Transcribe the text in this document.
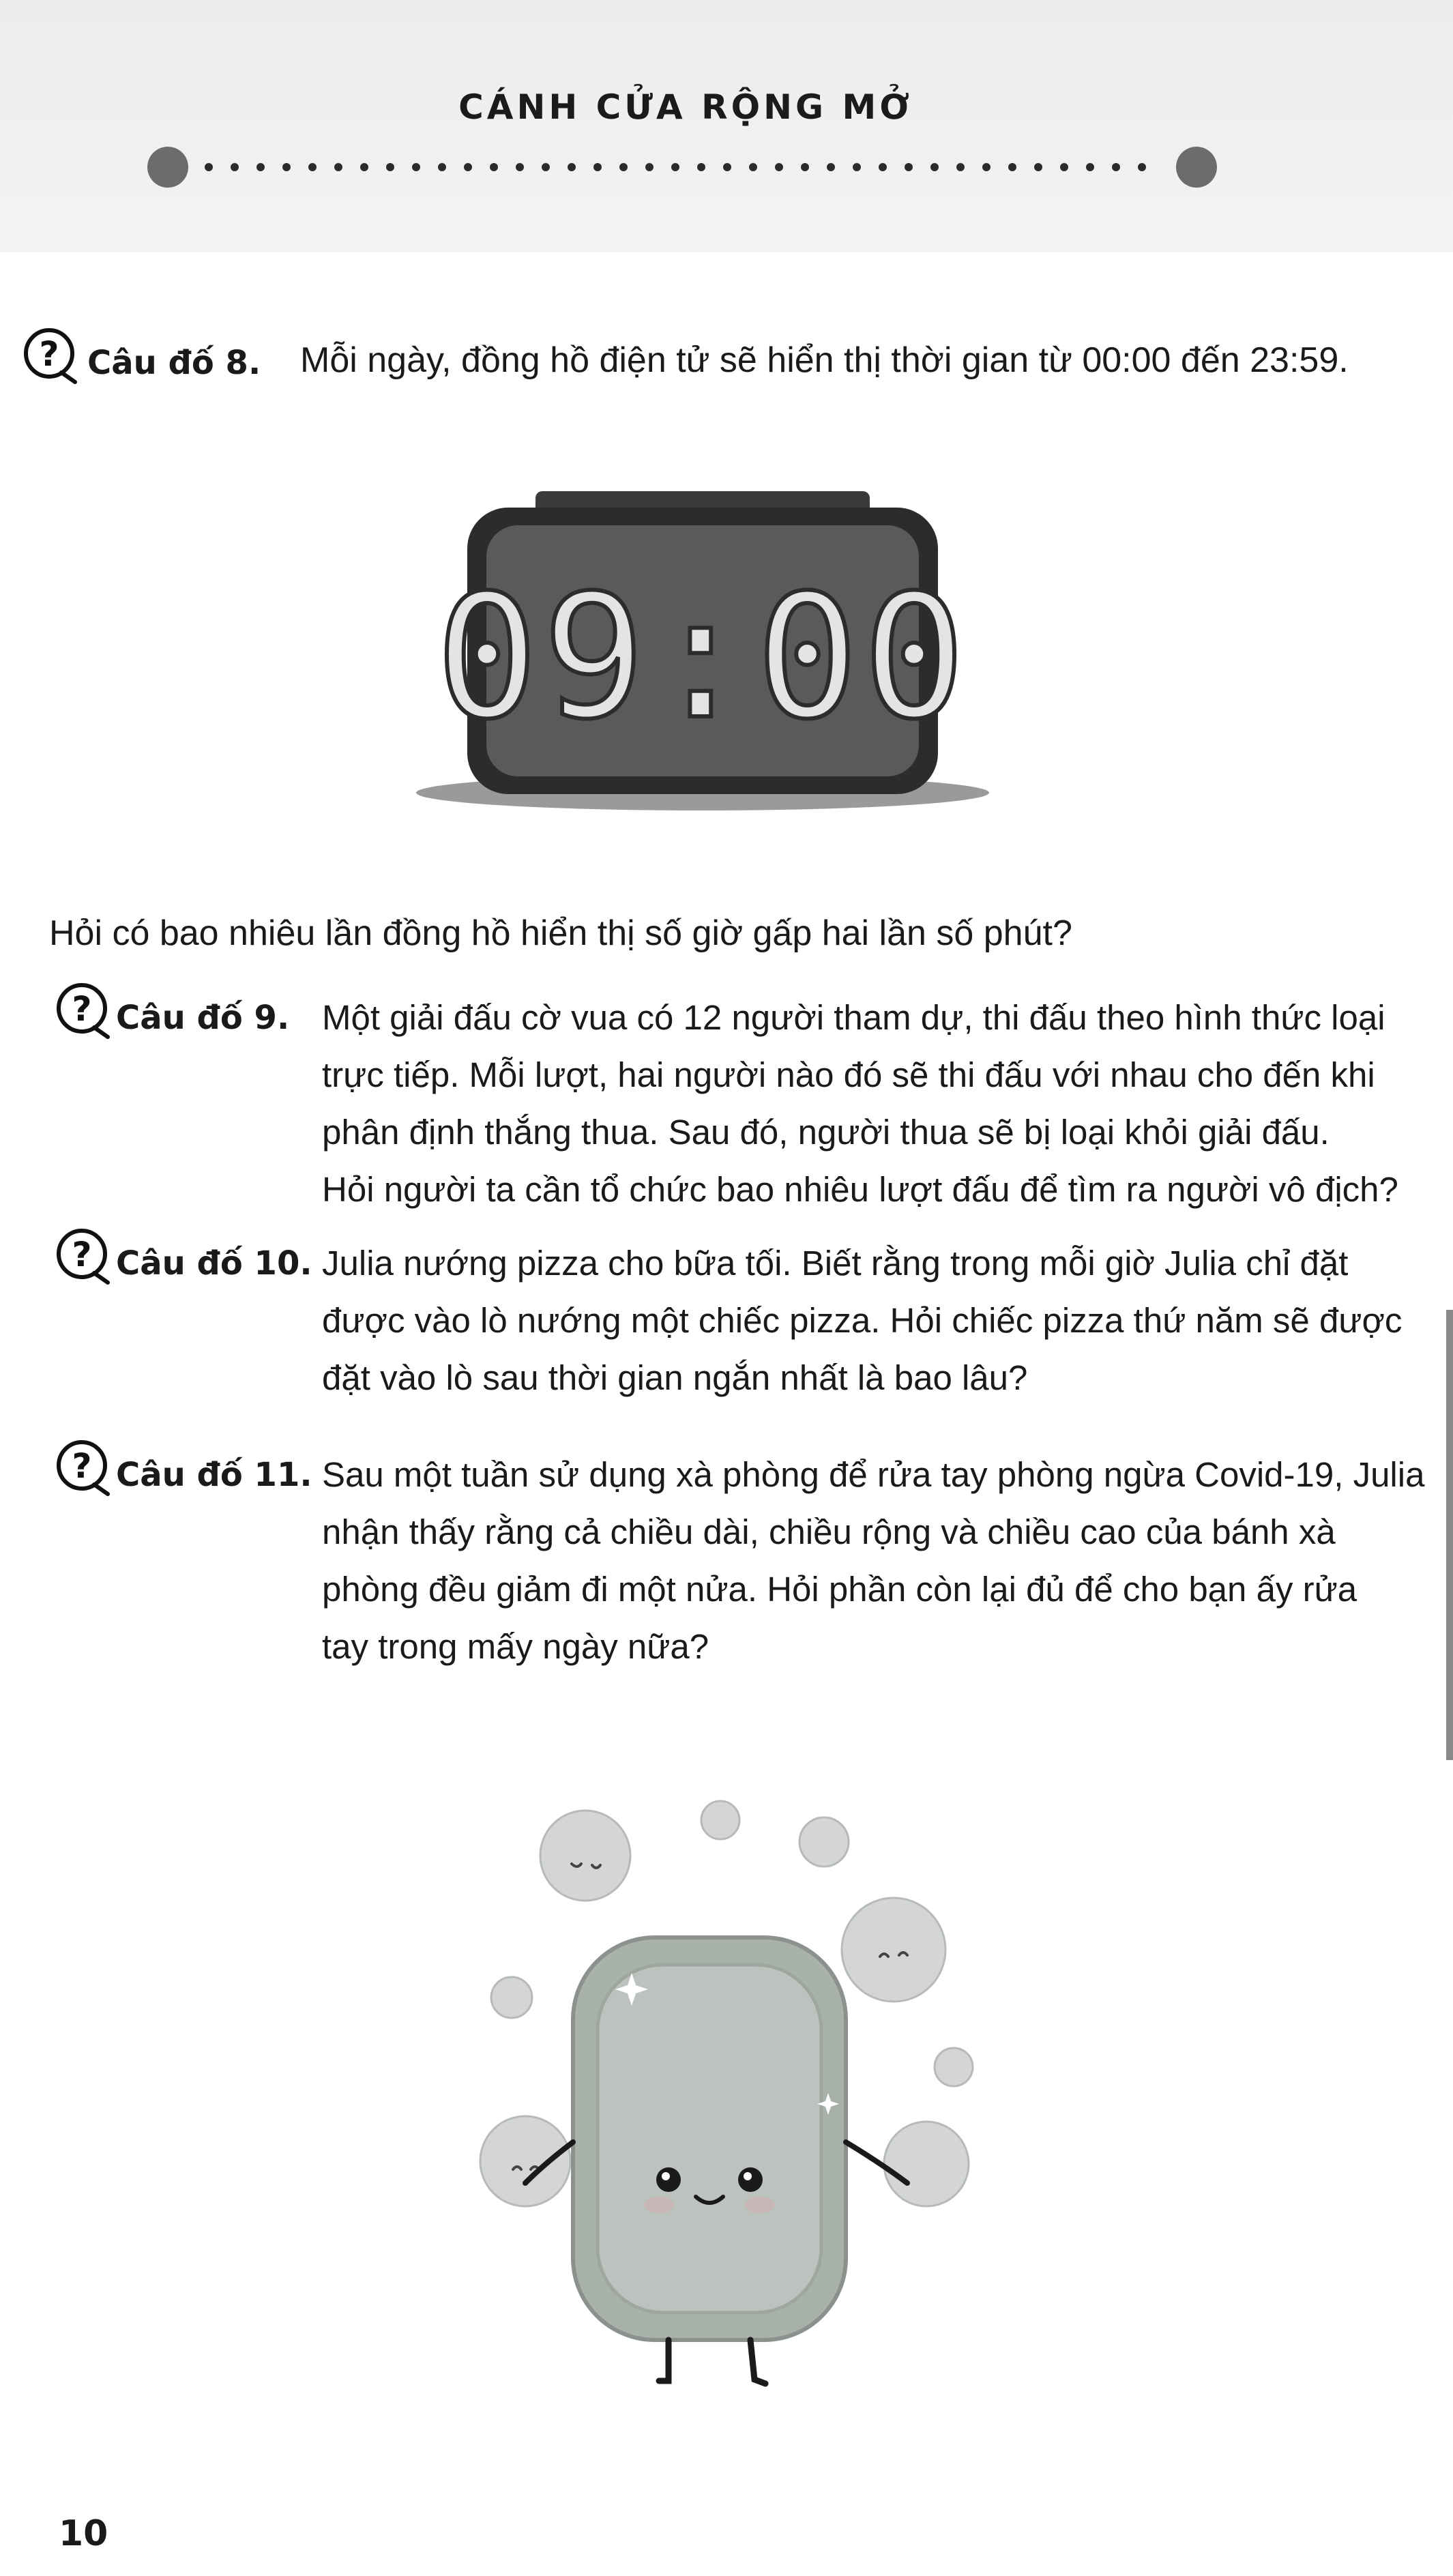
CÁNH CỬA RỘNG MỞ
? Câu đố 8. Mỗi ngày, đồng hồ điện tử sẽ hiển thị thời gian từ 00:00 đến 23:59.
09:00
Hỏi có bao nhiêu lần đồng hồ hiển thị số giờ gấp hai lần số phút?
? Câu đố 9. Một giải đấu cờ vua có 12 người tham dự, thi đấu theo hình thức loại

trực tiếp. Mỗi lượt, hai người nào đó sẽ thi đấu với nhau cho đến khi

phân định thắng thua. Sau đó, người thua sẽ bị loại khỏi giải đấu.

Hỏi người ta cần tổ chức bao nhiêu lượt đấu để tìm ra người vô địch?

? Câu đố 10. Julia nướng pizza cho bữa tối. Biết rằng trong mỗi giờ Julia chỉ đặt

được vào lò nướng một chiếc pizza. Hỏi chiếc pizza thứ năm sẽ được

đặt vào lò sau thời gian ngắn nhất là bao lâu?

? Câu đố 11. Sau một tuần sử dụng xà phòng để rửa tay phòng ngừa Covid-19, Julia

nhận thấy rằng cả chiều dài, chiều rộng và chiều cao của bánh xà

phòng đều giảm đi một nửa. Hỏi phần còn lại đủ để cho bạn ấy rửa

tay trong mấy ngày nữa?

10
